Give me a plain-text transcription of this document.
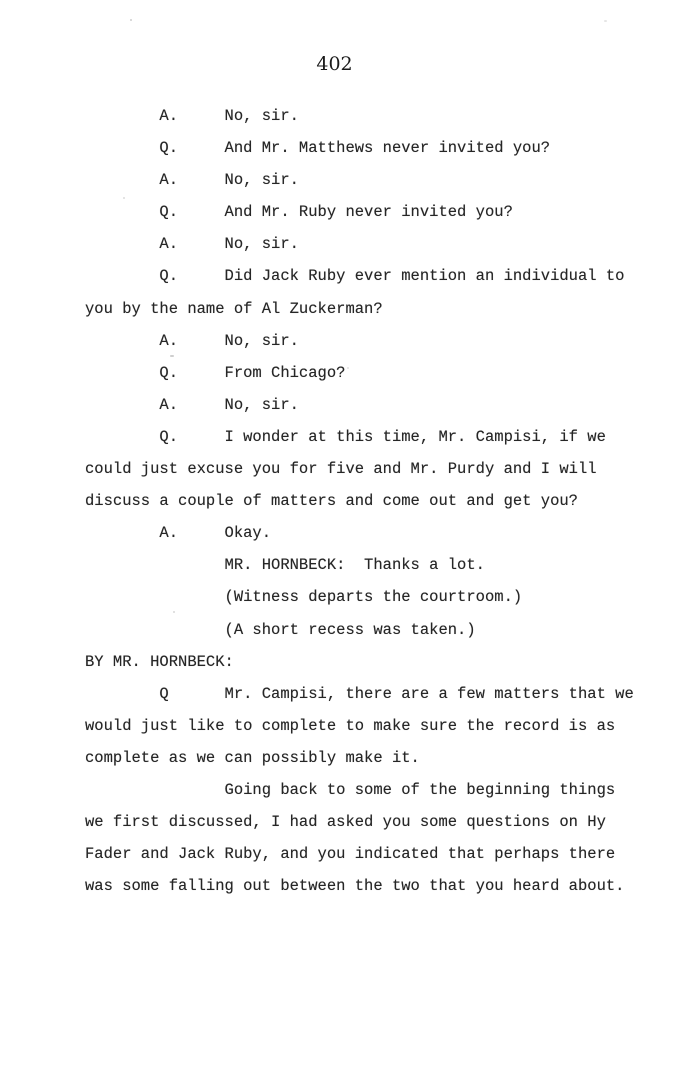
402
A.     No, sir.
Q.     And Mr. Matthews never invited you?
A.     No, sir.
Q.     And Mr. Ruby never invited you?
A.     No, sir.
Q.     Did Jack Ruby ever mention an individual to
you by the name of Al Zuckerman?
A.     No, sir.
Q.     From Chicago?
A.     No, sir.
Q.     I wonder at this time, Mr. Campisi, if we
could just excuse you for five and Mr. Purdy and I will
discuss a couple of matters and come out and get you?
A.     Okay.
MR. HORNBECK:  Thanks a lot.
(Witness departs the courtroom.)
(A short recess was taken.)
BY MR. HORNBECK:
Q      Mr. Campisi, there are a few matters that we
would just like to complete to make sure the record is as
complete as we can possibly make it.
Going back to some of the beginning things
we first discussed, I had asked you some questions on Hy
Fader and Jack Ruby, and you indicated that perhaps there
was some falling out between the two that you heard about.
